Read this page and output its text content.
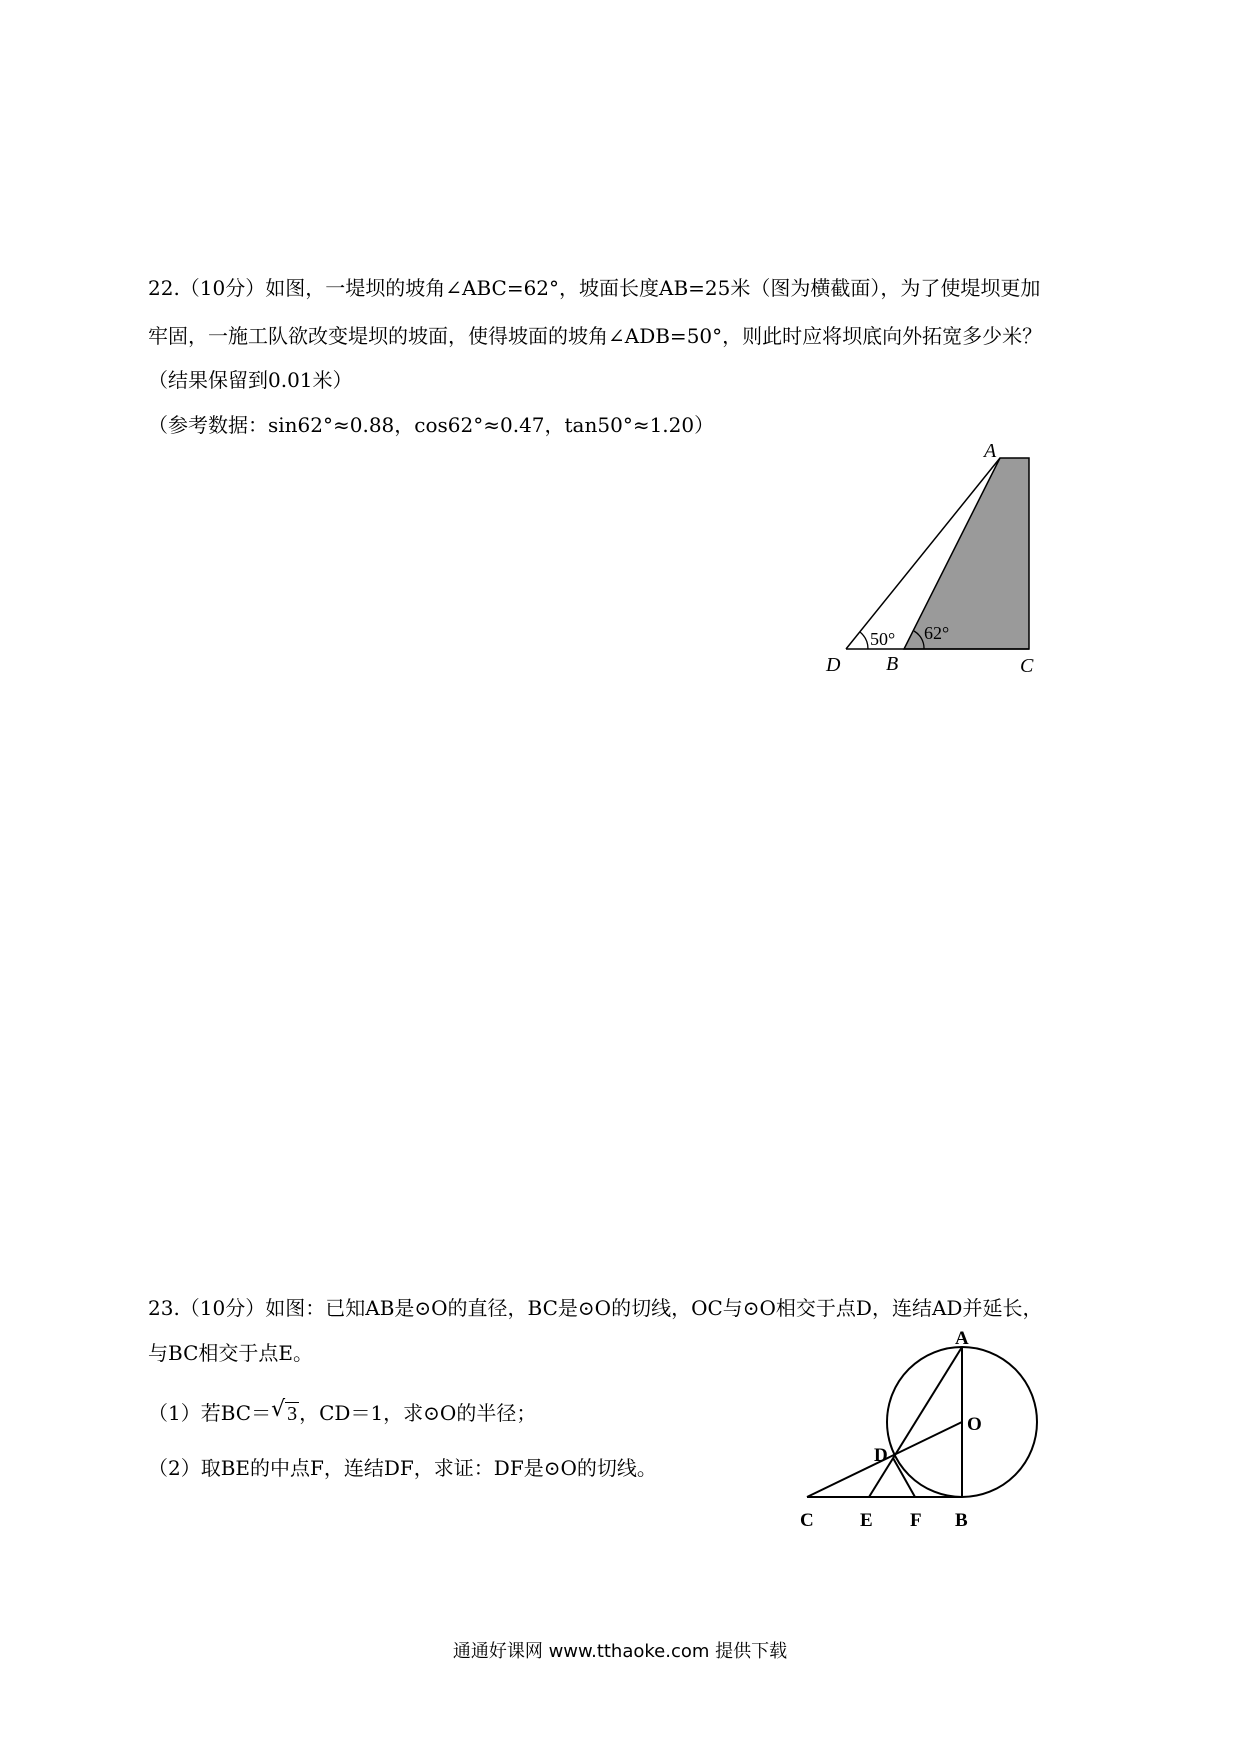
22.（10分）如图，一堤坝的坡角∠ABC=62°，坡面长度AB=25米（图为横截面），为了使堤坝更加
牢固，一施工队欲改变堤坝的坡面，使得坡面的坡角∠ADB=50°，则此时应将坝底向外拓宽多少米？
（结果保留到0.01米）
（参考数据：sin62°≈0.88，cos62°≈0.47，tan50°≈1.20）
50° 62°
A
D B	C
23.（10分）如图：已知AB是⊙O的直径，BC是⊙O的切线，OC与⊙O相交于点D，连结AD并延长，
与BC相交于点E。
（1）若BC＝ √ 3 ，CD＝1，求⊙O的半径；
（2）取BE的中点F，连结DF，求证：DF是⊙O的切线。
A
O
D
C E F B
通通好课网 www.tthaoke.com 提供下载
